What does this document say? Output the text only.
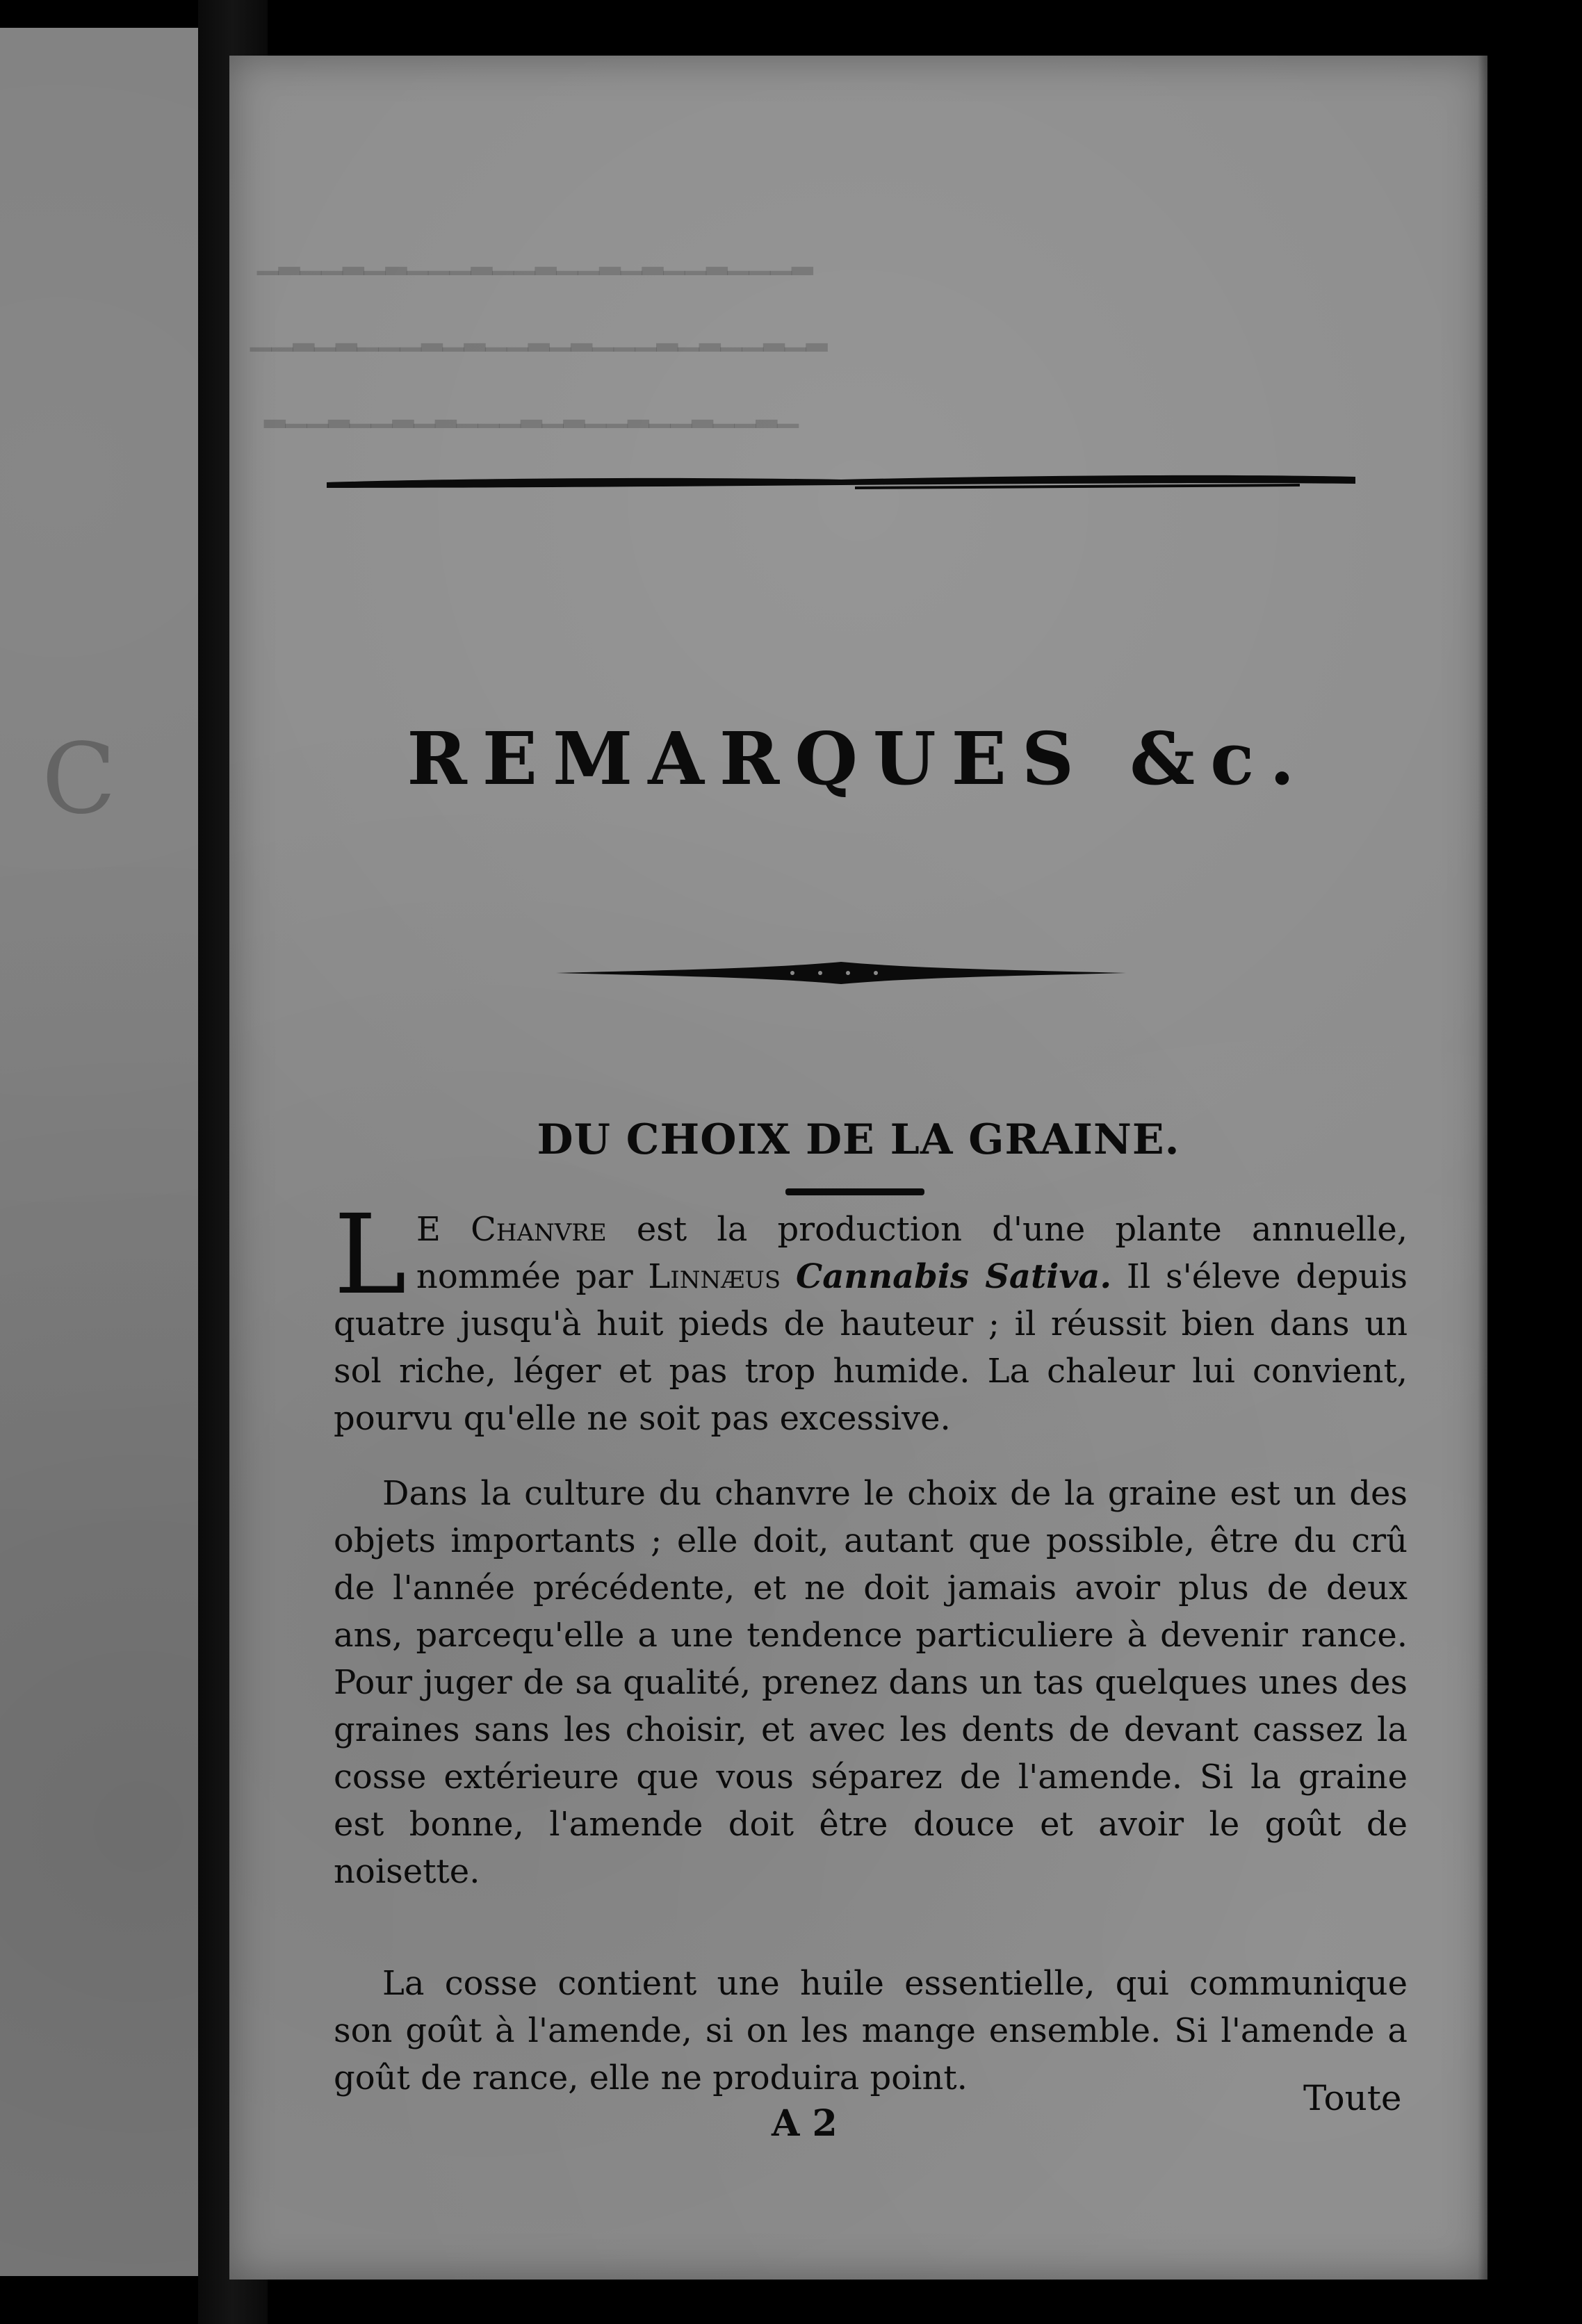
C
▁▂▁▁▂▁▂▁▁▁▂▁▁▂▁▁▂▁▂▁▁▂▁▁▁▂
▁▁▂▁▂▁▁▁▂▁▂▁▁▂▁▂▁▁▁▂▁▂▁▁▂▁▂
▂▁▁▂▁▁▂▁▂▁▁▁▂▁▂▁▁▂▁▁▂▁▁▂▁
REMARQUES &c.
DU CHOIX DE LA GRAINE.
L E Chanvre est la production d'une plante annuelle, nommée par Linnæus Cannabis Sativa. Il s'éleve depuis quatre jusqu'à huit pieds de hauteur ; il réussit bien dans un sol riche, léger et pas trop humide. La chaleur lui convient, pourvu qu'elle ne soit pas excessive.
Dans la culture du chanvre le choix de la graine est un des objets importants ; elle doit, autant que possible, être du crû de l'année précédente, et ne doit jamais avoir plus de deux ans, parcequ'elle a une tendence particuliere à devenir rance. Pour juger de sa qualité, prenez dans un tas quelques unes des graines sans les choisir, et avec les dents de devant cassez la cosse extérieure que vous séparez de l'amende. Si la graine est bonne, l'amende doit être douce et avoir le goût de noisette.
La cosse contient une huile essentielle, qui communique son goût à l'amende, si on les mange ensemble. Si l'amende a goût de rance, elle ne produira point.
A 2
Toute
